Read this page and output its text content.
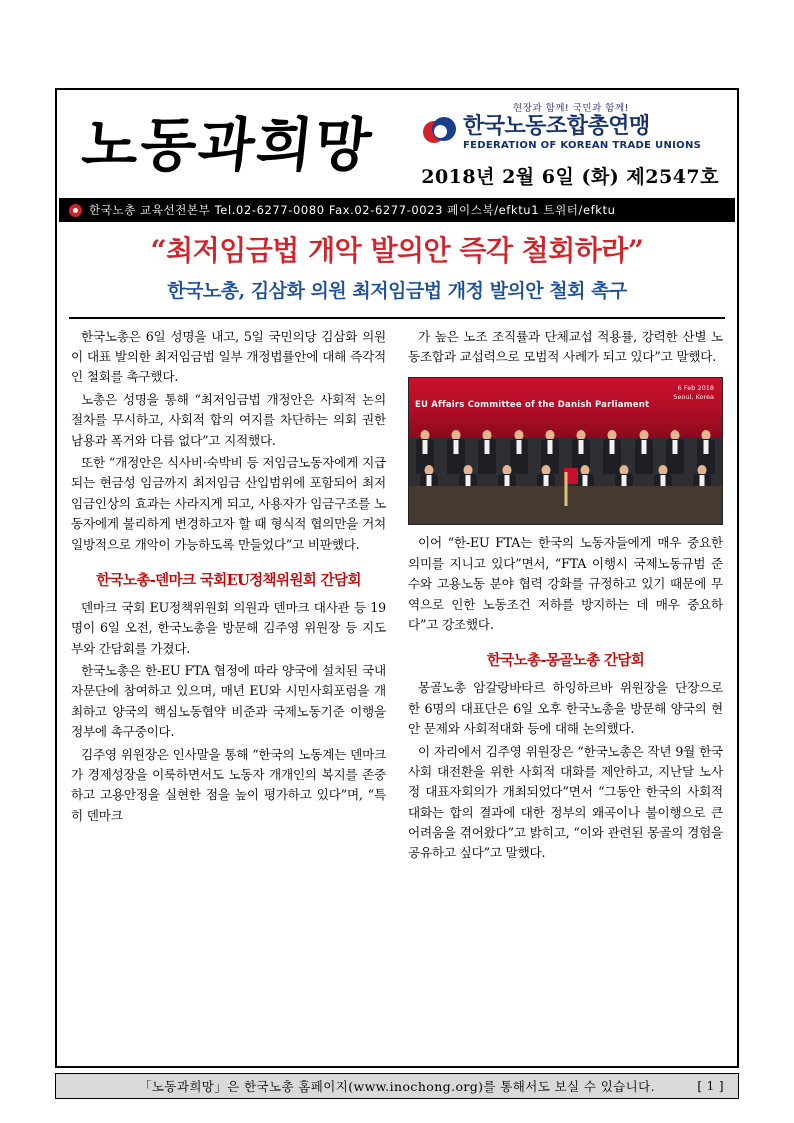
노동과희망
현장과 함께! 국민과 함께!
한국노동조합총연맹
FEDERATION OF KOREAN TRADE UNIONS
2018년 2월 6일 (화) 제2547호
한국노총 교육선전본부 Tel.02-6277-0080 Fax.02-6277-0023 페이스북/efktu1 트위터/efktu
“최저임금법 개악 발의안 즉각 철회하라”
한국노총, 김삼화 의원 최저임금법 개정 발의안 철회 촉구

한국노총은 6일 성명을 내고, 5일 국민의당 김삼화 의원이 대표 발의한 최저임금법 일부 개정법률안에 대해 즉각적인 철회를 촉구했다.

노총은 성명을 통해 “최저임금법 개정안은 사회적 논의 절차를 무시하고, 사회적 합의 여지를 차단하는 의회 권한 남용과 폭거와 다름 없다”고 지적했다.

또한 “개정안은 식사비·숙박비 등 저임금노동자에게 지급되는 현금성 임금까지 최저임금 산입범위에 포함되어 최저임금인상의 효과는 사라지게 되고, 사용자가 임금구조를 노동자에게 불리하게 변경하고자 할 때 형식적 협의만을 거쳐 일방적으로 개악이 가능하도록 만들었다”고 비판했다.

한국노총-덴마크 국회EU정책위원회 간담회

덴마크 국회 EU정책위원회 의원과 덴마크 대사관 등 19명이 6일 오전, 한국노총을 방문해 김주영 위원장 등 지도부와 간담회를 가졌다.

한국노총은 한-EU FTA 협정에 따라 양국에 설치된 국내자문단에 참여하고 있으며, 매년 EU와 시민사회포럼을 개최하고 양국의 핵심노동협약 비준과 국제노동기준 이행을 정부에 촉구중이다.

김주영 위원장은 인사말을 통해 “한국의 노동계는 덴마크가 경제성장을 이룩하면서도 노동자 개개인의 복지를 존중하고 고용안정을 실현한 점을 높이 평가하고 있다”며, “특히 덴마크

가 높은 노조 조직률과 단체교섭 적용률, 강력한 산별 노동조합과 교섭력으로 모범적 사례가 되고 있다”고 말했다.

EU Affairs Committee of the Danish Parliament
6 Feb 2018
Seoul, Korea

이어 “한-EU FTA는 한국의 노동자들에게 매우 중요한 의미를 지니고 있다”면서, “FTA 이행시 국제노동규범 준수와 고용노동 분야 협력 강화를 규정하고 있기 때문에 무역으로 인한 노동조건 저하를 방지하는 데 매우 중요하다”고 강조했다.

한국노총-몽골노총 간담회

몽골노총 암갈랑바타르 하잉하르바 위원장을 단장으로 한 6명의 대표단은 6일 오후 한국노총을 방문해 양국의 현안 문제와 사회적대화 등에 대해 논의했다.

이 자리에서 김주영 위원장은 “한국노총은 작년 9월 한국사회 대전환을 위한 사회적 대화를 제안하고, 지난달 노사정 대표자회의가 개최되었다”면서 “그동안 한국의 사회적 대화는 합의 결과에 대한 정부의 왜곡이나 불이행으로 큰 어려움을 겪어왔다”고 밝히고, “이와 관련된 몽골의 경험을 공유하고 싶다”고 말했다.

「노동과희망」은 한국노총 홈페이지(www.inochong.org)를 통해서도 보실 수 있습니다.	[ 1 ]
